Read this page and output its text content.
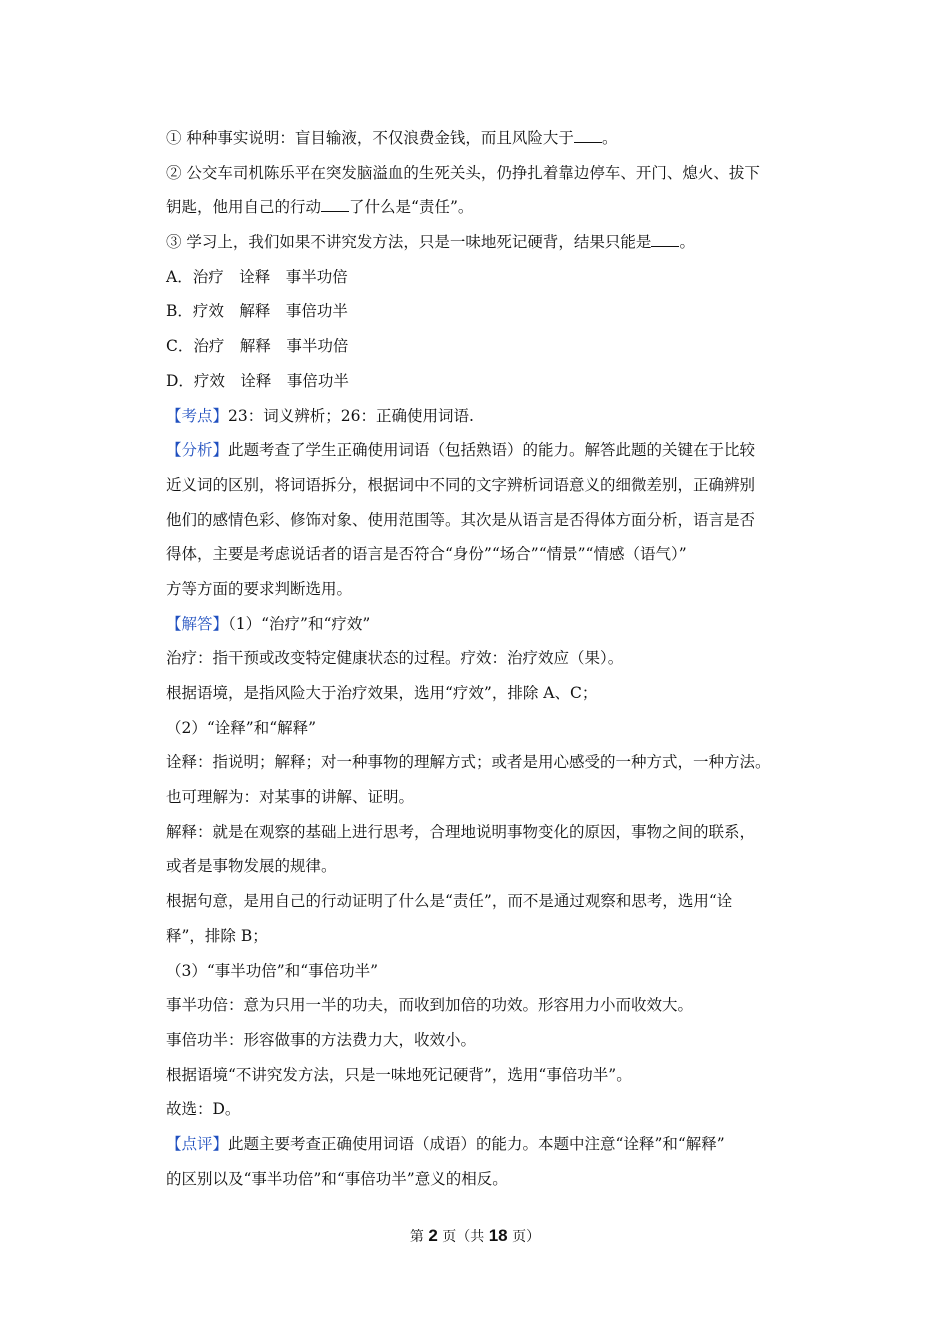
① 种种事实说明：盲目输液，不仅浪费金钱，而且风险大于 。
② 公交车司机陈乐平在突发脑溢血的生死关头，仍挣扎着靠边停车、开门、熄火、拔下
钥匙，他用自己的行动 了什么是“责任”。
③ 学习上，我们如果不讲究发方法，只是一味地死记硬背，结果只能是 。
A．治疗　诠释　事半功倍
B．疗效　解释　事倍功半
C．治疗　解释　事半功倍
D．疗效　诠释　事倍功半
【考点】23：词义辨析；26：正确使用词语.
【分析】此题考查了学生正确使用词语（包括熟语）的能力。解答此题的关键在于比较
近义词的区别，将词语拆分，根据词中不同的文字辨析词语意义的细微差别，正确辨别
他们的感情色彩、修饰对象、使用范围等。其次是从语言是否得体方面分析，语言是否
得体，主要是考虑说话者的语言是否符合“身份”“场合”“情景”“情感（语气）”
方等方面的要求判断选用。
【解答】（1）“治疗”和“疗效”
治疗：指干预或改变特定健康状态的过程。疗效：治疗效应（果）。
根据语境，是指风险大于治疗效果，选用“疗效”，排除 A、C；
（2）“诠释”和“解释”
诠释：指说明；解释；对一种事物的理解方式；或者是用心感受的一种方式，一种方法。
也可理解为：对某事的讲解、证明。
解释：就是在观察的基础上进行思考，合理地说明事物变化的原因，事物之间的联系，
或者是事物发展的规律。
根据句意，是用自己的行动证明了什么是“责任”，而不是通过观察和思考，选用“诠
释”，排除 B；
（3）“事半功倍”和“事倍功半”
事半功倍：意为只用一半的功夫，而收到加倍的功效。形容用力小而收效大。
事倍功半：形容做事的方法费力大，收效小。
根据语境“不讲究发方法，只是一味地死记硬背”，选用“事倍功半”。
故选：D。
【点评】此题主要考查正确使用词语（成语）的能力。本题中注意“诠释”和“解释”
的区别以及“事半功倍”和“事倍功半”意义的相反。
第 2 页（共 18 页）
